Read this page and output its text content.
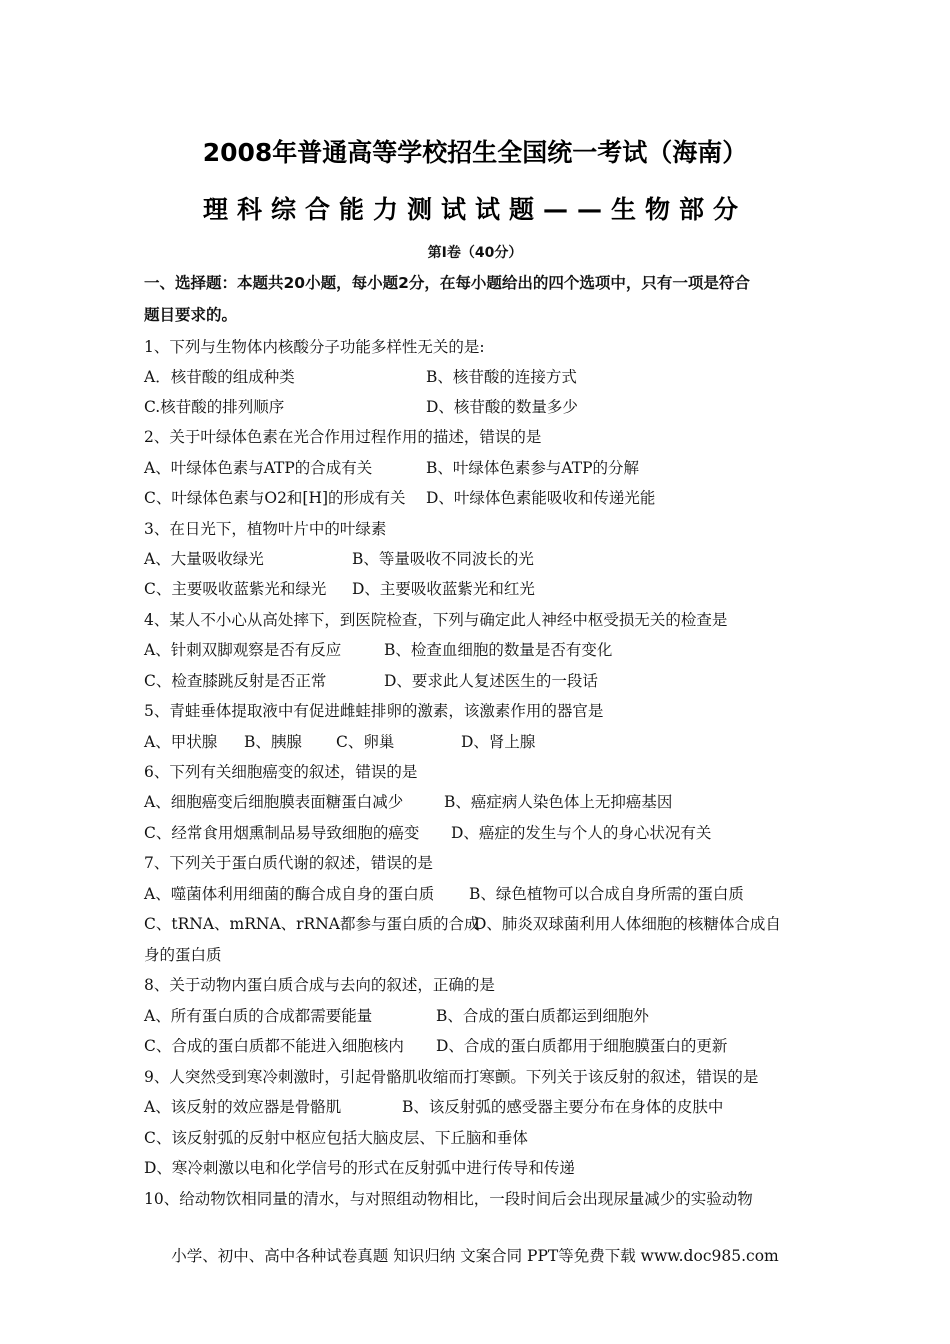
2008年普通高等学校招生全国统一考试（海南）
理科综合能力测试试题——生物部分
第Ⅰ卷（40分）
一、选择题：本题共20小题，每小题2分，在每小题给出的四个选项中，只有一项是符合
题目要求的。
1、下列与生物体内核酸分子功能多样性无关的是:
A．核苷酸的组成种类	B、核苷酸的连接方式
C.核苷酸的排列顺序	D、核苷酸的数量多少
2、关于叶绿体色素在光合作用过程作用的描述，错误的是
A、叶绿体色素与ATP的合成有关	B、叶绿体色素参与ATP的分解
C、叶绿体色素与O2和[H]的形成有关 D、叶绿体色素能吸收和传递光能
3、在日光下，植物叶片中的叶绿素
A、大量吸收绿光	B、等量吸收不同波长的光
C、主要吸收蓝紫光和绿光 D、主要吸收蓝紫光和红光
4、某人不小心从高处摔下，到医院检查，下列与确定此人神经中枢受损无关的检查是
A、针刺双脚观察是否有反应	B、检查血细胞的数量是否有变化
C、检查膝跳反射是否正常	D、要求此人复述医生的一段话
5、青蛙垂体提取液中有促进雌蛙排卵的激素，该激素作用的器官是
A、甲状腺 B、胰腺 C、卵巢	D、肾上腺
6、下列有关细胞癌变的叙述，错误的是
A、细胞癌变后细胞膜表面糖蛋白减少	B、癌症病人染色体上无抑癌基因
C、经常食用烟熏制品易导致细胞的癌变 D、癌症的发生与个人的身心状况有关
7、下列关于蛋白质代谢的叙述，错误的是
A、噬菌体利用细菌的酶合成自身的蛋白质 B、绿色植物可以合成自身所需的蛋白质
C、tRNA、mRNA、rRNA都参与蛋白质的合成D、肺炎双球菌利用人体细胞的核糖体合成自
身的蛋白质
8、关于动物内蛋白质合成与去向的叙述，正确的是
A、所有蛋白质的合成都需要能量	B、合成的蛋白质都运到细胞外
C、合成的蛋白质都不能进入细胞核内 D、合成的蛋白质都用于细胞膜蛋白的更新
9、人突然受到寒冷刺激时，引起骨骼肌收缩而打寒颤。下列关于该反射的叙述，错误的是
A、该反射的效应器是骨骼肌	B、该反射弧的感受器主要分布在身体的皮肤中
C、该反射弧的反射中枢应包括大脑皮层、下丘脑和垂体
D、寒冷刺激以电和化学信号的形式在反射弧中进行传导和传递
10、给动物饮相同量的清水，与对照组动物相比，一段时间后会出现尿量减少的实验动物
小学、初中、高中各种试卷真题 知识归纳 文案合同 PPT等免费下载 www.doc985.com
